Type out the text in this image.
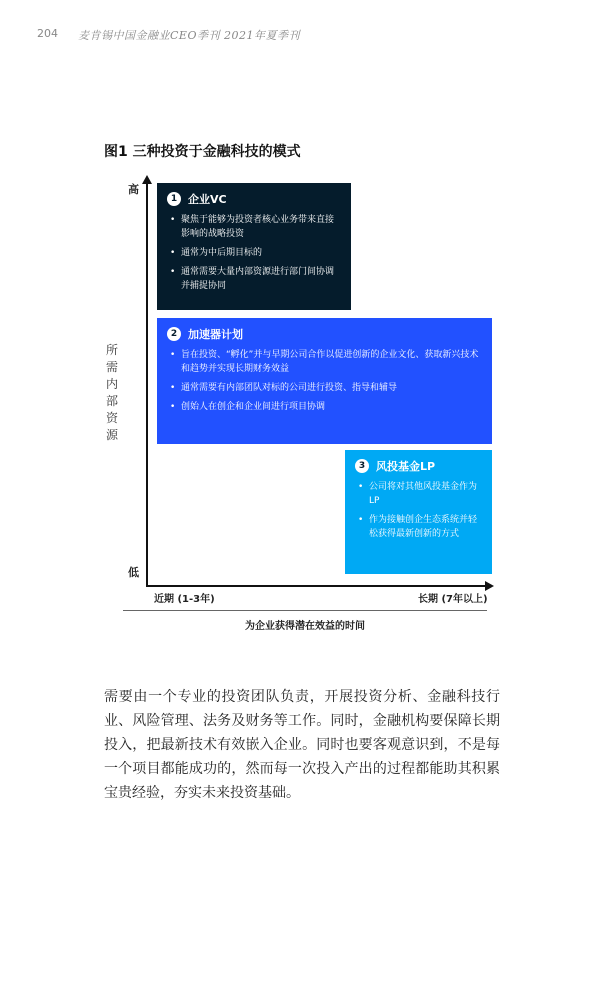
204 麦肯锡中国金融业CEO季刊 2021年夏季刊
图1 三种投资于金融科技的模式
高
低
所需内部资源
1 企业VC
• 聚焦于能够为投资者核心业务带来直接影响的战略投资
• 通常为中后期目标的
• 通常需要大量内部资源进行部门间协调并捕捉协同
2 加速器计划
• 旨在投资、“孵化”并与早期公司合作以促进创新的企业文化、获取新兴技术和趋势并实现长期财务效益
• 通常需要有内部团队对标的公司进行投资、指导和辅导
• 创始人在创企和企业间进行项目协调
3 风投基金LP
• 公司将对其他风投基金作为LP
• 作为接触创企生态系统并轻松获得最新创新的方式
近期 (1-3年)	长期 (7年以上)
为企业获得潜在效益的时间
需要由一个专业的投资团队负责，开展投资分析、金融科技行业、风险管理、法务及财务等工作。同时，金融机构要保障长期投入，把最新技术有效嵌入企业。同时也要客观意识到，不是每一个项目都能成功的，然而每一次投入产出的过程都能助其积累宝贵经验，夯实未来投资基础。
